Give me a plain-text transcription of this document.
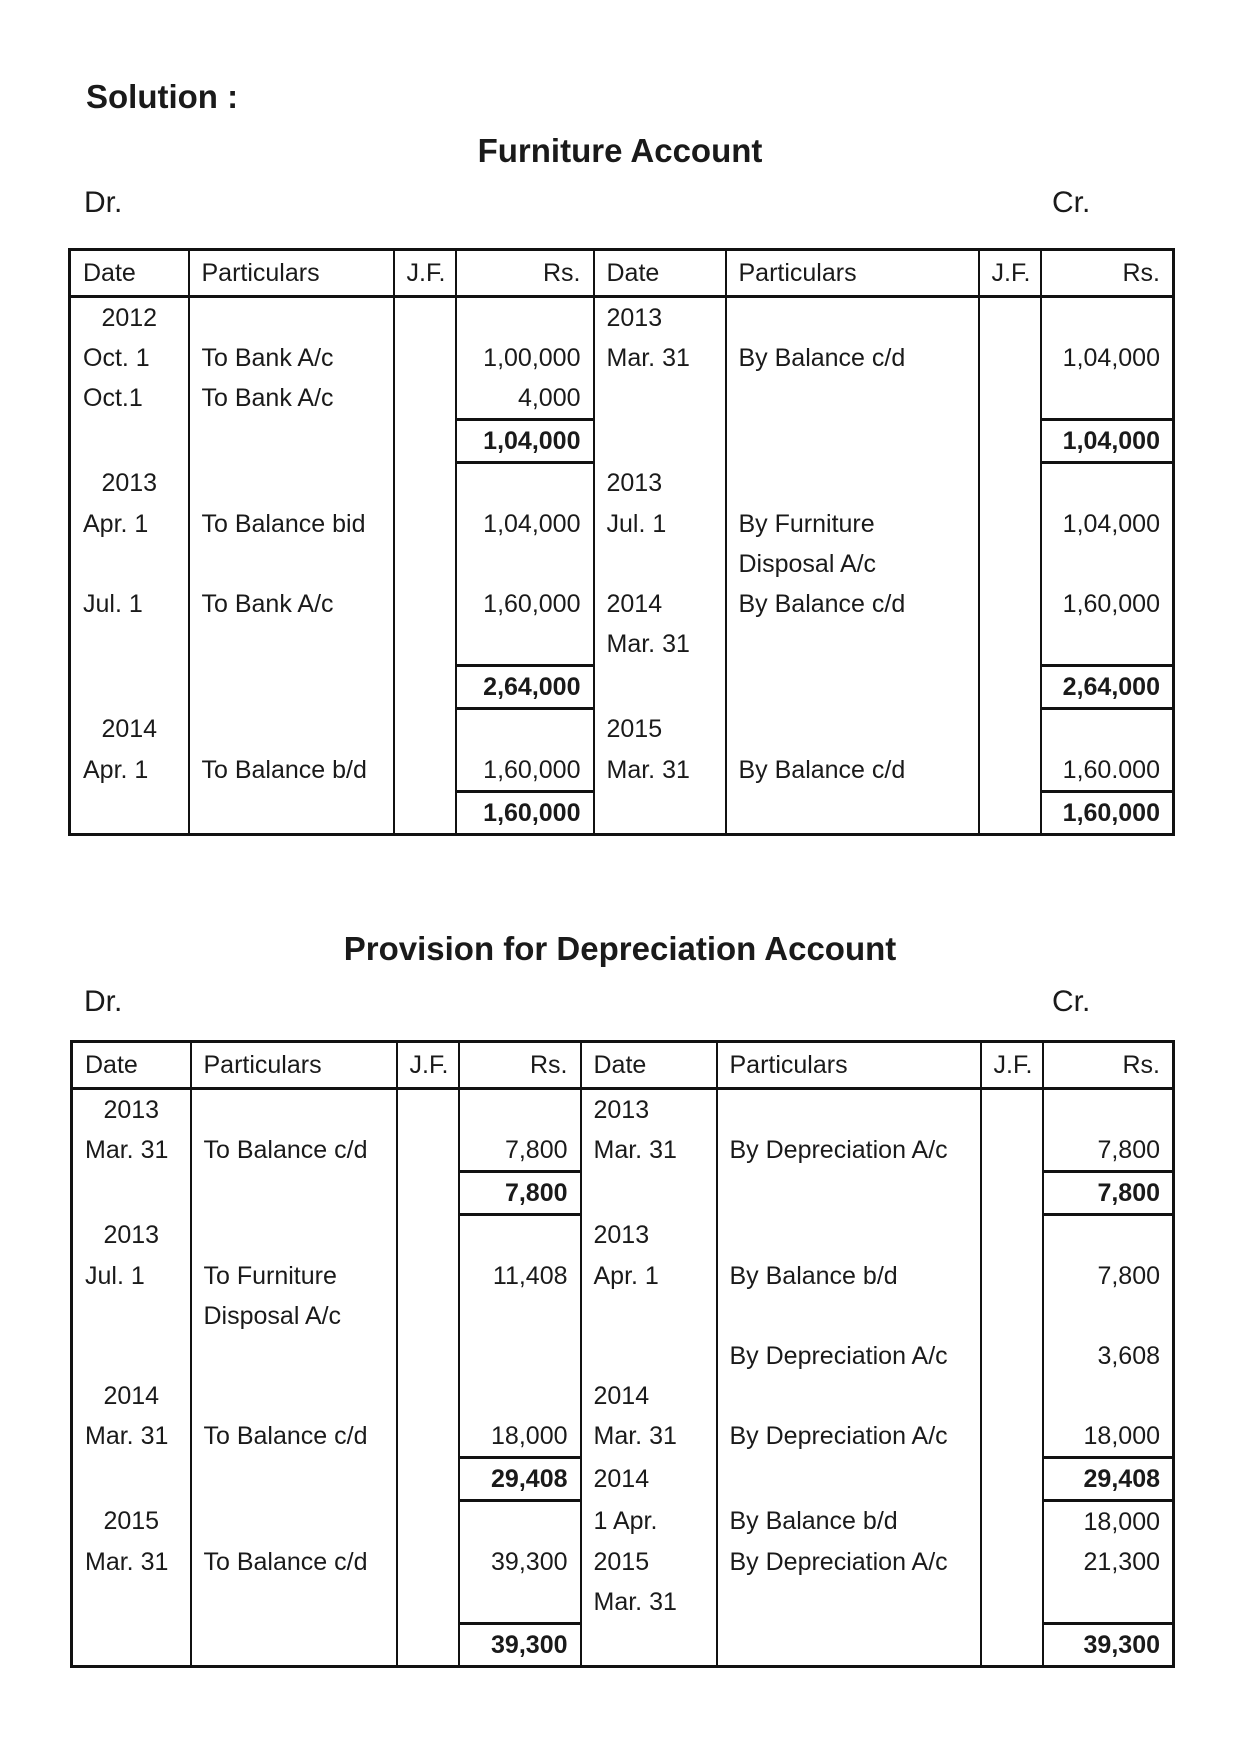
Solution :
Furniture Account
Dr.	Cr.
Date	Particulars	J.F.	Rs.	Date	Particulars	J.F.	Rs.
2012				2013			
Oct. 1	To Bank A/c		1,00,000	Mar. 31	By Balance c/d		1,04,000
Oct.1	To Bank A/c		4,000				
			1,04,000				1,04,000
2013				2013			
Apr. 1	To Balance bid		1,04,000	Jul. 1	By Furniture		1,04,000
					Disposal A/c		
Jul. 1	To Bank A/c		1,60,000	2014	By Balance c/d		1,60,000
				Mar. 31			
			2,64,000				2,64,000
2014				2015			
Apr. 1	To Balance b/d		1,60,000	Mar. 31	By Balance c/d		1,60.000
			1,60,000				1,60,000
Provision for Depreciation Account
Dr.	Cr.
Date	Particulars	J.F.	Rs.	Date	Particulars	J.F.	Rs.
2013				2013			
Mar. 31	To Balance c/d		7,800	Mar. 31	By Depreciation A/c		7,800
			7,800				7,800
2013				2013			
Jul. 1	To Furniture		11,408	Apr. 1	By Balance b/d		7,800
	Disposal A/c						
					By Depreciation A/c		3,608
2014				2014			
Mar. 31	To Balance c/d		18,000	Mar. 31	By Depreciation A/c		18,000
			29,408	2014			29,408
2015				1 Apr.	By Balance b/d		18,000
Mar. 31	To Balance c/d		39,300	2015	By Depreciation A/c		21,300
				Mar. 31			
			39,300				39,300
